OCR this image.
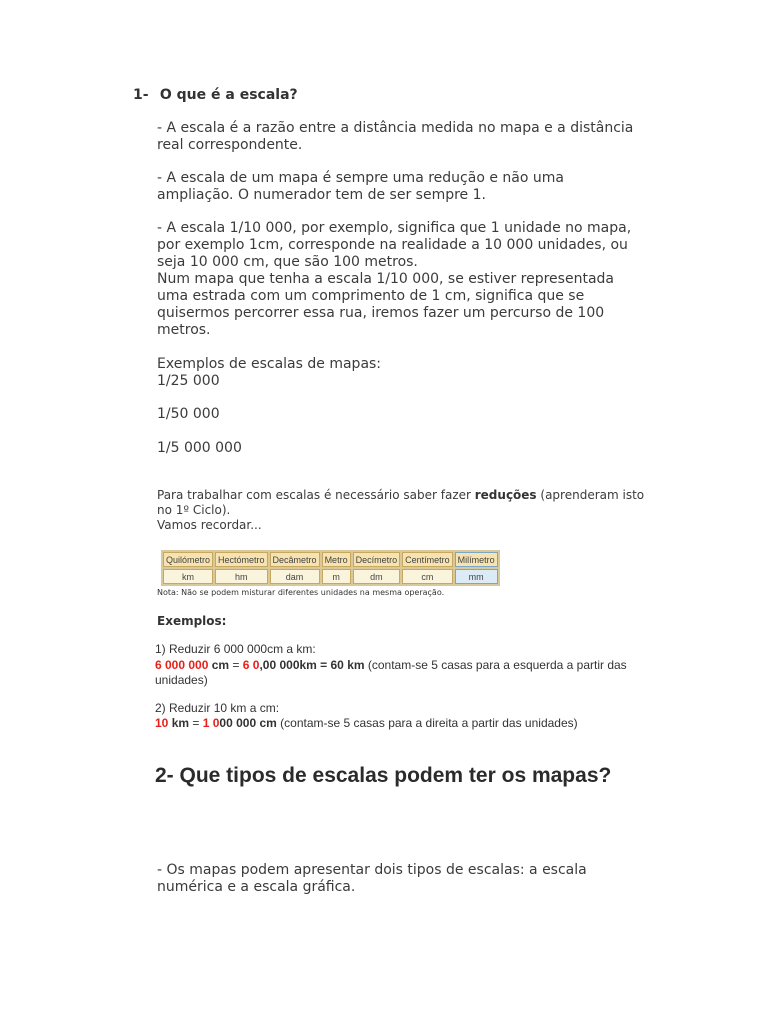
1- O que é a escala?
- A escala é a razão entre a distância medida no mapa e a distância real correspondente.
- A escala de um mapa é sempre uma redução e não uma ampliação. O numerador tem de ser sempre 1.
- A escala 1/10 000, por exemplo, significa que 1 unidade no mapa, por exemplo 1cm, corresponde na realidade a 10 000 unidades, ou seja 10 000 cm, que são 100 metros.
Num mapa que tenha a escala 1/10 000, se estiver representada uma estrada com um comprimento de 1 cm, significa que se quisermos percorrer essa rua, iremos fazer um percurso de 100 metros.
Exemplos de escalas de mapas:
1/25 000
1/50 000
1/5 000 000
Para trabalhar com escalas é necessário saber fazer reduções (aprenderam isto no 1º Ciclo).
Vamos recordar...
Quilómetro	Hectómetro	Decâmetro	Metro	Decímetro	Centímetro	Milímetro
km	hm	dam	m	dm	cm	mm
Nota: Não se podem misturar diferentes unidades na mesma operação.
Exemplos:
1) Reduzir 6 000 000cm a km:
6 000 000 cm = 6 0,00 000km = 60 km (contam-se 5 casas para a esquerda a partir das unidades)
2) Reduzir 10 km a cm:
10 km = 1 000 000 cm (contam-se 5 casas para a direita a partir das unidades)
2- Que tipos de escalas podem ter os mapas?
- Os mapas podem apresentar dois tipos de escalas: a escala numérica e a escala gráfica.
